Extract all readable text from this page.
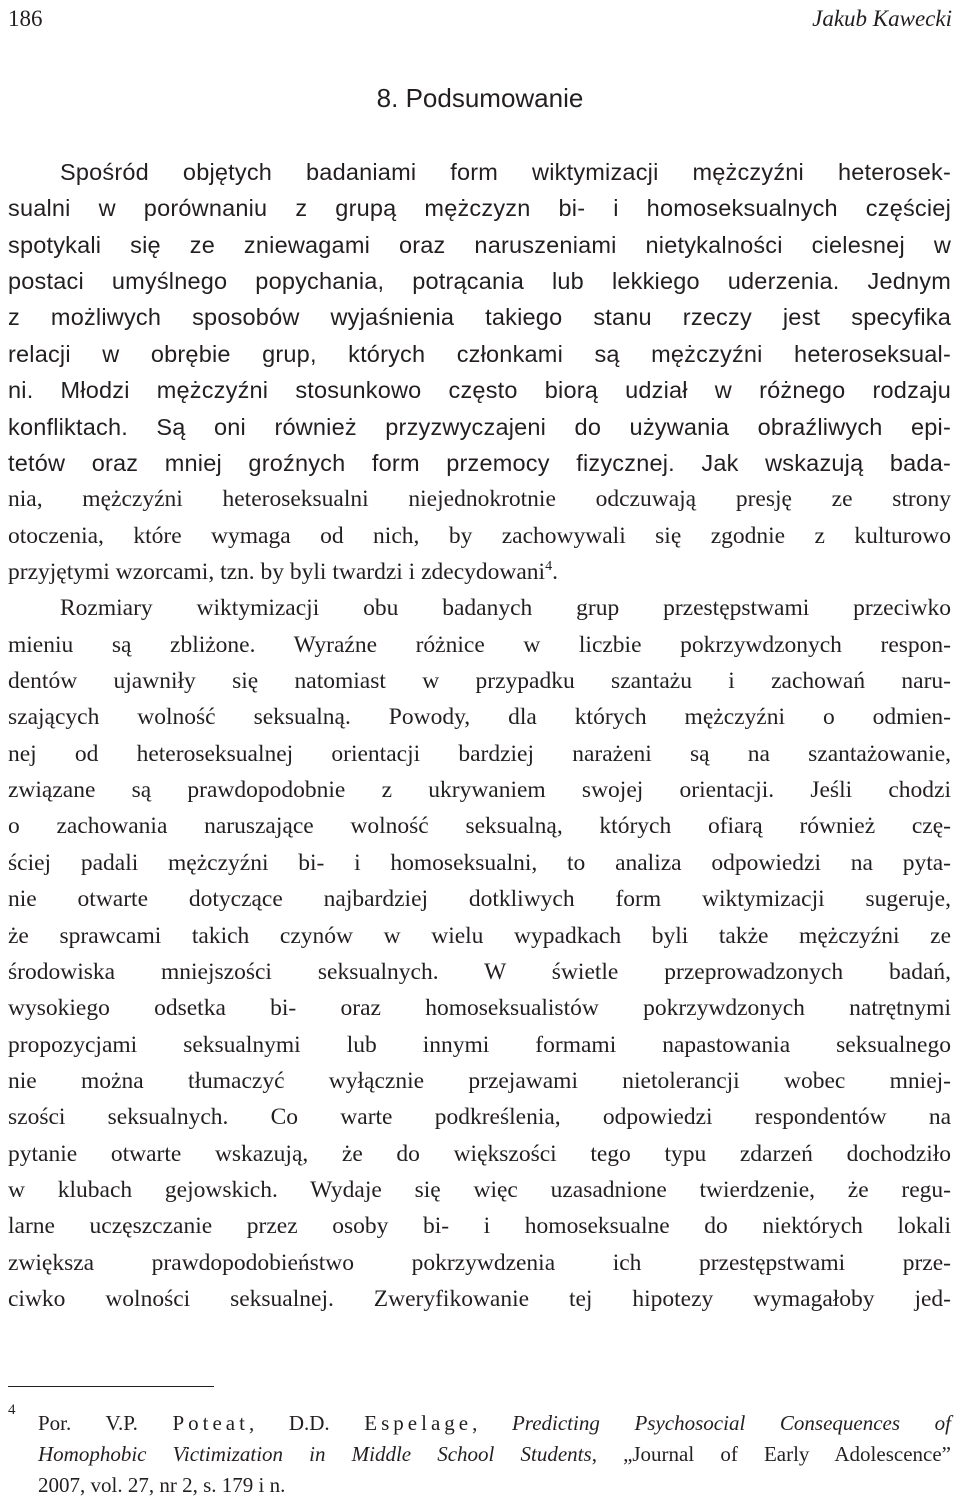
186	Jakub Kawecki
8. Podsumowanie
Spośród objętych badaniami form wiktymizacji mężczyźni heterosek-
sualni w porównaniu z grupą mężczyzn bi- i homoseksualnych częściej
spotykali się ze zniewagami oraz naruszeniami nietykalności cielesnej w
postaci umyślnego popychania, potrącania lub lekkiego uderzenia. Jednym
z możliwych sposobów wyjaśnienia takiego stanu rzeczy jest specyfika
relacji w obrębie grup, których członkami są mężczyźni heteroseksual-
ni. Młodzi mężczyźni stosunkowo często biorą udział w różnego rodzaju
konfliktach. Są oni również przyzwyczajeni do używania obraźliwych epi-
tetów oraz mniej groźnych form przemocy fizycznej. Jak wskazują bada-
nia, mężczyźni heteroseksualni niejednokrotnie odczuwają presję ze strony
otoczenia, które wymaga od nich, by zachowywali się zgodnie z kulturowo
przyjętymi wzorcami, tzn. by byli twardzi i zdecydowani$^4$.
Rozmiary wiktymizacji obu badanych grup przestępstwami przeciwko
mieniu są zbliżone. Wyraźne różnice w liczbie pokrzywdzonych respon-
dentów ujawniły się natomiast w przypadku szantażu i zachowań naru-
szających wolność seksualną. Powody, dla których mężczyźni o odmien-
nej od heteroseksualnej orientacji bardziej narażeni są na szantażowanie,
związane są prawdopodobnie z ukrywaniem swojej orientacji. Jeśli chodzi
o zachowania naruszające wolność seksualną, których ofiarą również czę-
ściej padali mężczyźni bi- i homoseksualni, to analiza odpowiedzi na pyta-
nie otwarte dotyczące najbardziej dotkliwych form wiktymizacji sugeruje,
że sprawcami takich czynów w wielu wypadkach byli także mężczyźni ze
środowiska mniejszości seksualnych. W świetle przeprowadzonych badań,
wysokiego odsetka bi- oraz homoseksualistów pokrzywdzonych natrętnymi
propozycjami seksualnymi lub innymi formami napastowania seksualnego
nie można tłumaczyć wyłącznie przejawami nietolerancji wobec mniej-
szości seksualnych. Co warte podkreślenia, odpowiedzi respondentów na
pytanie otwarte wskazują, że do większości tego typu zdarzeń dochodziło
w klubach gejowskich. Wydaje się więc uzasadnione twierdzenie, że regu-
larne uczęszczanie przez osoby bi- i homoseksualne do niektórych lokali
zwiększa prawdopodobieństwo pokrzywdzenia ich przestępstwami prze-
ciwko wolności seksualnej. Zweryfikowanie tej hipotezy wymagałoby jed-
4
Por. V.P. Poteat, D.D. Espelage, Predicting Psychosocial Consequences of
Homophobic Victimization in Middle School Students, „Journal of Early Adolescence”
2007, vol. 27, nr 2, s. 179 i n.
